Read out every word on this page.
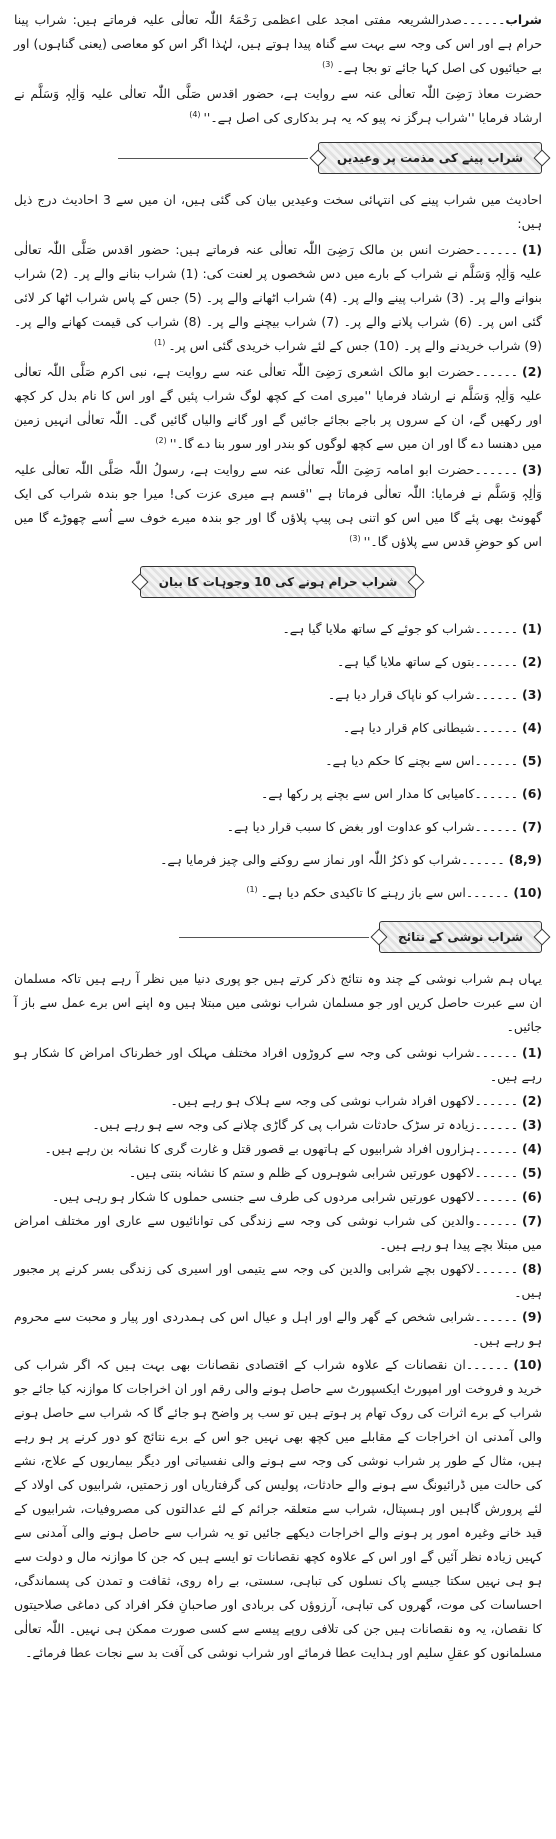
شراب۔۔۔۔۔۔صدرالشریعہ مفتی امجد علی اعظمی رَحْمَۃُ اللّٰہ تعالٰی علیہ فرماتے ہیں: شراب پینا حرام ہے اور اس کی وجہ سے بہت سے گناہ پیدا ہوتے ہیں، لہٰذا اگر اس کو معاصی (یعنی گناہوں) اور بے حیائیوں کی اصل کہا جائے تو بجا ہے۔$^{(3)}$

حضرت معاذ رَضِیَ اللّٰہ تعالٰی عنہ سے روایت ہے، حضور اقدس صَلَّی اللّٰہ تعالٰی علیہ وَاٰلِہٖ وَسَلَّم نے ارشاد فرمایا ''شراب ہرگز نہ پیو کہ یہ ہر بدکاری کی اصل $ہے۔''^{(4)}$

شراب پینے کی مذمت پر وعیدیں

احادیث میں شراب پینے کی انتہائی سخت وعیدیں بیان کی گئی ہیں، ان میں سے 3 احادیث درج ذیل ہیں:

(1)۔۔۔۔۔۔حضرت انس بن مالک رَضِیَ اللّٰہ تعالٰی عنہ فرماتے ہیں: حضور اقدس صَلَّی اللّٰہ تعالٰی علیہ وَاٰلِہٖ وَسَلَّم نے شراب کے بارے میں دس شخصوں پر لعنت کی: (1) شراب بنانے والے پر۔ (2) شراب بنوانے والے پر۔ (3) شراب پینے والے پر۔ (4) شراب اٹھانے والے پر۔ (5) جس کے پاس شراب اٹھا کر لائی گئی اس پر۔ (6) شراب پلانے والے پر۔ (7) شراب بیچنے والے پر۔ (8) شراب کی قیمت کھانے والے پر۔ (9) شراب خریدنے والے پر۔ (10) جس کے لئے شراب خریدی گئی اس پر۔$^{(1)}$

(2)۔۔۔۔۔۔حضرت ابو مالک اشعری رَضِیَ اللّٰہ تعالٰی عنہ سے روایت ہے، نبی اکرم صَلَّی اللّٰہ تعالٰی علیہ وَاٰلِہٖ وَسَلَّم نے ارشاد فرمایا ''میری امت کے کچھ لوگ شراب پئیں گے اور اس کا نام بدل کر کچھ اور رکھیں گے، ان کے سروں پر باجے بجائے جائیں گے اور گانے والیاں گائیں گی۔ اللّٰہ تعالٰی انہیں زمین میں دھنسا دے گا اور ان میں سے کچھ لوگوں کو بندر اور سور بنا دے $گا۔''^{(2)}$

(3)۔۔۔۔۔۔حضرت ابو امامہ رَضِیَ اللّٰہ تعالٰی عنہ سے روایت ہے، رسولُ اللّٰہ صَلَّی اللّٰہ تعالٰی علیہ وَاٰلِہٖ وَسَلَّم نے فرمایا: اللّٰہ تعالٰی فرماتا ہے ''قسم ہے میری عزت کی! میرا جو بندہ شراب کی ایک گھونٹ بھی پئے گا میں اس کو اتنی ہی پیپ پلاؤں گا اور جو بندہ میرے خوف سے اُسے چھوڑے گا میں اس کو حوضِ قدس سے پلاؤں $گا۔''^{(3)}$

شراب حرام ہونے کی 10 وجوہات کا بیان

(1)۔۔۔۔۔۔شراب کو جوئے کے ساتھ ملایا گیا ہے۔

(2)۔۔۔۔۔۔بتوں کے ساتھ ملایا گیا ہے۔

(3)۔۔۔۔۔۔شراب کو ناپاک قرار دیا ہے۔

(4)۔۔۔۔۔۔شیطانی کام قرار دیا ہے۔

(5)۔۔۔۔۔۔اس سے بچنے کا حکم دیا ہے۔

(6)۔۔۔۔۔۔کامیابی کا مدار اس سے بچنے پر رکھا ہے۔

(7)۔۔۔۔۔۔شراب کو عداوت اور بغض کا سبب قرار دیا ہے۔

(8,9)۔۔۔۔۔۔شراب کو ذکرُ اللّٰہ اور نماز سے روکنے والی چیز فرمایا ہے۔

(10)۔۔۔۔۔۔اس سے باز رہنے کا تاکیدی حکم دیا ہے۔$^{(1)}$

شراب نوشی کے نتائج

یہاں ہم شراب نوشی کے چند وہ نتائج ذکر کرتے ہیں جو پوری دنیا میں نظر آ رہے ہیں تاکہ مسلمان ان سے عبرت حاصل کریں اور جو مسلمان شراب نوشی میں مبتلا ہیں وہ اپنے اس برے عمل سے باز آ جائیں۔

(1)۔۔۔۔۔۔شراب نوشی کی وجہ سے کروڑوں افراد مختلف مہلک اور خطرناک امراض کا شکار ہو رہے ہیں۔

(2)۔۔۔۔۔۔لاکھوں افراد شراب نوشی کی وجہ سے ہلاک ہو رہے ہیں۔

(3)۔۔۔۔۔۔زیادہ تر سڑک حادثات شراب پی کر گاڑی چلانے کی وجہ سے ہو رہے ہیں۔

(4)۔۔۔۔۔۔ہزاروں افراد شرابیوں کے ہاتھوں بے قصور قتل و غارت گری کا نشانہ بن رہے ہیں۔

(5)۔۔۔۔۔۔لاکھوں عورتیں شرابی شوہروں کے ظلم و ستم کا نشانہ بنتی ہیں۔

(6)۔۔۔۔۔۔لاکھوں عورتیں شرابی مردوں کی طرف سے جنسی حملوں کا شکار ہو رہی ہیں۔

(7)۔۔۔۔۔۔والدین کی شراب نوشی کی وجہ سے زندگی کی توانائیوں سے عاری اور مختلف امراض میں مبتلا بچے پیدا ہو رہے ہیں۔

(8)۔۔۔۔۔۔لاکھوں بچے شرابی والدین کی وجہ سے یتیمی اور اسیری کی زندگی بسر کرنے پر مجبور ہیں۔

(9)۔۔۔۔۔۔شرابی شخص کے گھر والے اور اہل و عیال اس کی ہمدردی اور پیار و محبت سے محروم ہو رہے ہیں۔

(10)۔۔۔۔۔۔ان نقصانات کے علاوہ شراب کے اقتصادی نقصانات بھی بہت ہیں کہ اگر شراب کی خرید و فروخت اور امپورٹ ایکسپورٹ سے حاصل ہونے والی رقم اور ان اخراجات کا موازنہ کیا جائے جو شراب کے برے اثرات کی روک تھام پر ہوتے ہیں تو سب پر واضح ہو جائے گا کہ شراب سے حاصل ہونے والی آمدنی ان اخراجات کے مقابلے میں کچھ بھی نہیں جو اس کے برے نتائج کو دور کرنے پر ہو رہے ہیں، مثال کے طور پر شراب نوشی کی وجہ سے ہونے والی نفسیاتی اور دیگر بیماریوں کے علاج، نشے کی حالت میں ڈرائیونگ سے ہونے والے حادثات، پولیس کی گرفتاریاں اور زحمتیں، شرابیوں کی اولاد کے لئے پرورش گاہیں اور ہسپتال، شراب سے متعلقہ جرائم کے لئے عدالتوں کی مصروفیات، شرابیوں کے قید خانے وغیرہ امور پر ہونے والے اخراجات دیکھے جائیں تو یہ شراب سے حاصل ہونے والی آمدنی سے کہیں زیادہ نظر آئیں گے اور اس کے علاوہ کچھ نقصانات تو ایسے ہیں کہ جن کا موازنہ مال و دولت سے ہو ہی نہیں سکتا جیسے پاک نسلوں کی تباہی، سستی، بے راہ روی، ثقافت و تمدن کی پسماندگی، احساسات کی موت، گھروں کی تباہی، آرزوؤں کی بربادی اور صاحبانِ فکر افراد کی دماغی صلاحیتوں کا نقصان، یہ وہ نقصانات ہیں جن کی تلافی روپے پیسے سے کسی صورت ممکن ہی نہیں۔ اللّٰہ تعالٰی مسلمانوں کو عقلِ سلیم اور ہدایت عطا فرمائے اور شراب نوشی کی آفت بد سے نجات عطا فرمائے۔
